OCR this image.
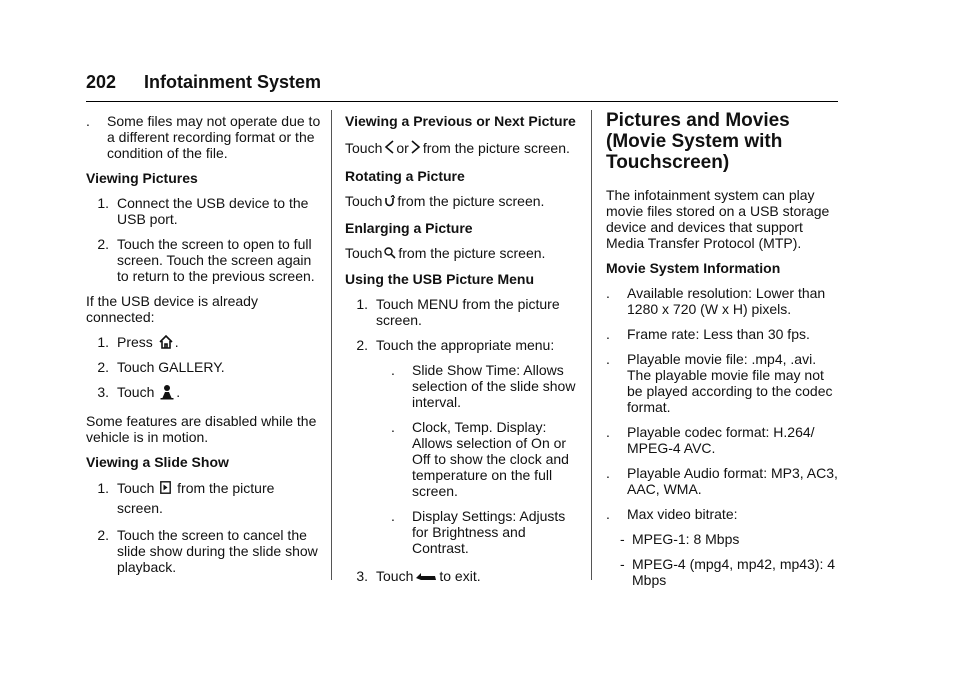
202 Infotainment System
.	Some files may not operate due to a different recording format or the condition of the file.
Viewing Pictures
1. Connect the USB device to the USB port.
2. Touch the screen to open to full screen. Touch the screen again to return to the previous screen.
If the USB device is already connected:
1. Press .
2. Touch GALLERY.
3. Touch .
Some features are disabled while the vehicle is in motion.
Viewing a Slide Show
1. Touch from the picture screen.
2. Touch the screen to cancel the slide show during the slide show playback.
Viewing a Previous or Next Picture
Touch or from the picture screen.
Rotating a Picture
Touch from the picture screen.
Enlarging a Picture
Touch from the picture screen.
Using the USB Picture Menu
1. Touch MENU from the picture screen.
2. Touch the appropriate menu:
.	Slide Show Time: Allows selection of the slide show interval.
.	Clock, Temp. Display: Allows selection of On or Off to show the clock and temperature on the full screen.
.	Display Settings: Adjusts for Brightness and Contrast.
3. Touch to exit.
Pictures and Movies (Movie System with Touchscreen)
The infotainment system can play movie files stored on a USB storage device and devices that support Media Transfer Protocol (MTP).
Movie System Information
.	Available resolution: Lower than 1280 x 720 (W x H) pixels.
.	Frame rate: Less than 30 fps.
.	Playable movie file: .mp4, .avi. The playable movie file may not be played according to the codec format.
.	Playable codec format: H.264/ MPEG-4 AVC.
.	Playable Audio format: MP3, AC3, AAC, WMA.
.	Max video bitrate:
- MPEG-1: 8 Mbps
- MPEG-4 (mpg4, mp42, mp43): 4 Mbps
